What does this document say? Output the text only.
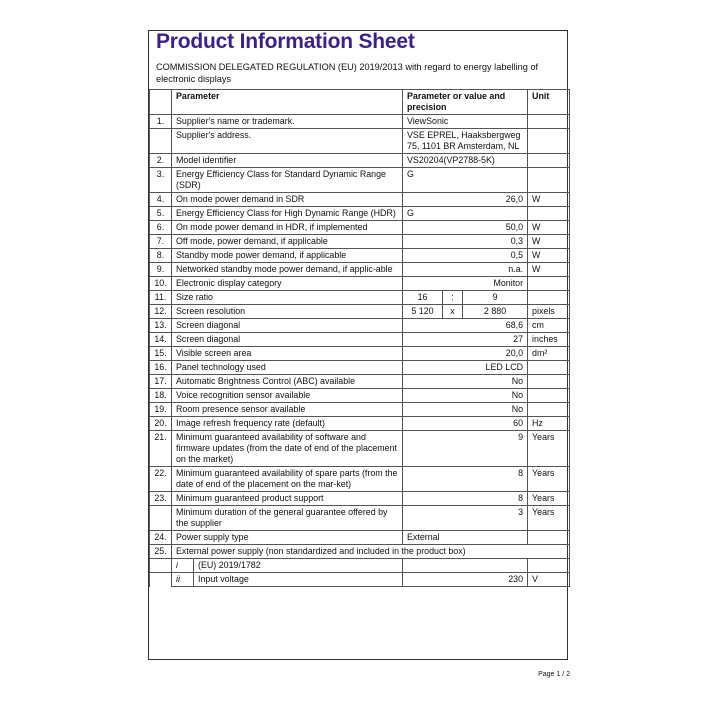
Product Information Sheet
COMMISSION DELEGATED REGULATION (EU) 2019/2013 with regard to energy labelling of electronic displays
	Parameter		Parameter or value and precision			Unit
1.	Supplier's name or trademark.		ViewSonic			
	Supplier's address.		VSE EPREL, Haaksbergweg 75, 1101 BR Amsterdam, NL			
2.	Model identifier		VS20204(VP2788-5K)			
3.	Energy Efficiency Class for Standard Dynamic Range (SDR)		G			
4.	On mode power demand in SDR		26,0			W
5.	Energy Efficiency Class for High Dynamic Range (HDR)		G			
6.	On mode power demand in HDR, if implemented		50,0			W
7.	Off mode, power demand, if applicable		0,3			W
8.	Standby mode power demand, if applicable		0,5			W
9.	Networked standby mode power demand, if applic-able		n.a.			W
10.	Electronic display category		Monitor			
11.	Size ratio		16	:	9	
12.	Screen resolution		5 120	x	2 880	pixels
13.	Screen diagonal		68,6			cm
14.	Screen diagonal		27			inches
15.	Visible screen area		20,0			dm²
16.	Panel technology used		LED LCD			
17.	Automatic Brightness Control (ABC) available		No			
18.	Voice recognition sensor available		No			
19.	Room presence sensor available		No			
20.	Image refresh frequency rate (default)		60			Hz
21.	Minimum guaranteed availability of software and firmware updates (from the date of end of the placement on the market)		9			Years
22.	Minimum guaranteed availability of spare parts (from the date of end of the placement on the mar-ket)		8			Years
23.	Minimum guaranteed product support		8			Years
	Minimum duration of the general guarantee offered by the supplier		3			Years
24.	Power supply type		External			
25.	External power supply (non standardized and included in the product box)					
	i	(EU) 2019/1782				
	ii	Input voltage	230			V
Page 1 / 2
